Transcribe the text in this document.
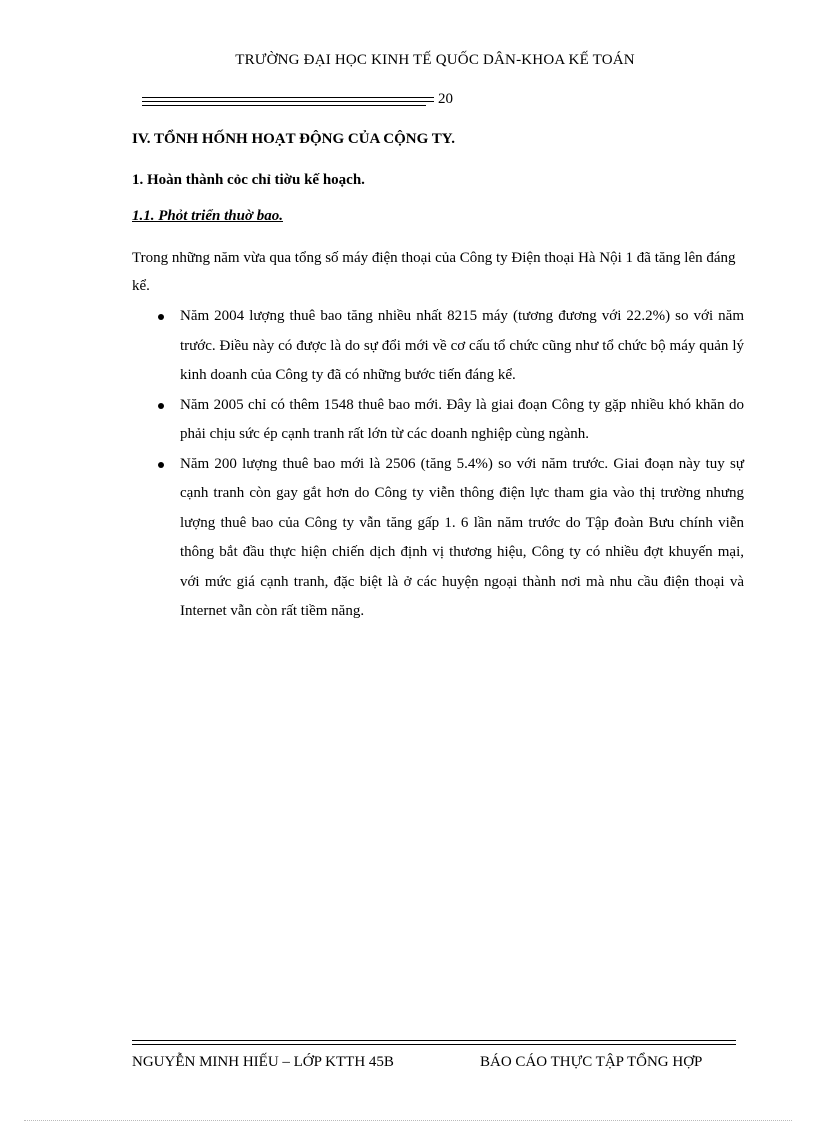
TRƯỜNG ĐẠI HỌC KINH TẾ QUỐC DÂN-KHOA KẾ TOÁN
20
IV. TỔNH HỐNH HOẠT ĐỘNG CỦA CỘNG TY.
1. Hoàn thành cỏc chỉ tiờu kế hoạch.
1.1. Phỏt triển thuờ bao.
Trong những năm vừa qua tổng số máy điện thoại của Công ty Điện thoại Hà Nội 1 đã tăng lên đáng kể.
Năm 2004 lượng thuê bao tăng nhiều nhất 8215 máy (tương đương với 22.2%) so với năm trước. Điều này có được là do sự đổi mới về cơ cấu tổ chức cũng như tổ chức bộ máy quản lý kinh doanh của Công ty đã có những bước tiến đáng kể.
Năm 2005 chỉ có thêm 1548 thuê bao mới. Đây là giai đoạn Công ty gặp nhiều khó khăn do phải chịu sức ép cạnh tranh rất lớn từ các doanh nghiệp cùng ngành.
Năm 200 lượng thuê bao mới là 2506 (tăng 5.4%) so với năm trước. Giai đoạn này tuy sự cạnh tranh còn gay gắt hơn do Công ty viễn thông điện lực tham gia vào thị trường nhưng lượng thuê bao của Công ty vẫn tăng gấp 1. 6 lần năm trước do Tập đoàn Bưu chính viễn thông bắt đầu thực hiện chiến dịch định vị thương hiệu, Công ty có nhiều đợt khuyến mại, với mức giá cạnh tranh, đặc biệt là ở các huyện ngoại thành nơi mà nhu cầu điện thoại và Internet vẫn còn rất tiềm năng.
NGUYỄN MINH HIẾU – LỚP KTTH 45B	BÁO CÁO THỰC TẬP TỔNG HỢP
